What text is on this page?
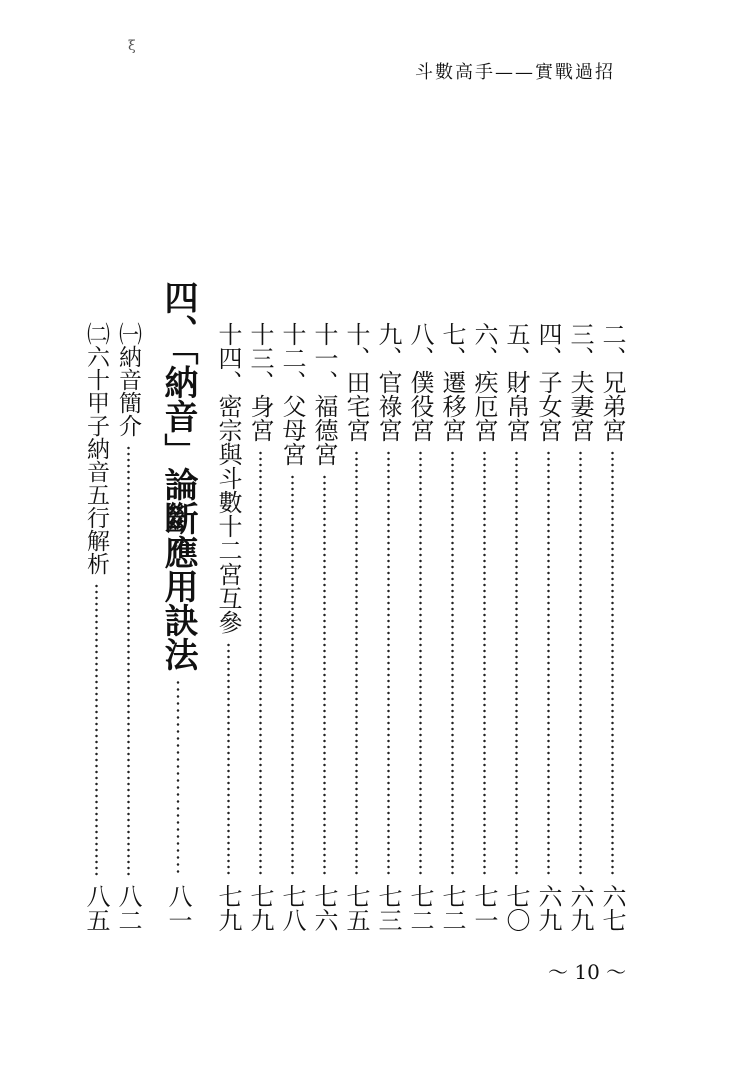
ξ
斗數高手——實戰過招
二、兄弟宮
六七
三、夫妻宮
六九
四、子女宮
六九
五、財帛宮
七〇
六、疾厄宮
七一
七、遷移宮
七二
八、僕役宮
七二
九、官祿宮
七三
十、田宅宮
七五
十一、福德宮
七六
十二、父母宮
七八
十三、身宮
七九
十四、密宗與斗數十二宮互參
七九
四、「納音」論斷應用訣法
八一
㈠納音簡介
八二
㈡六十甲子納音五行解析
八五
～ 10 ～
